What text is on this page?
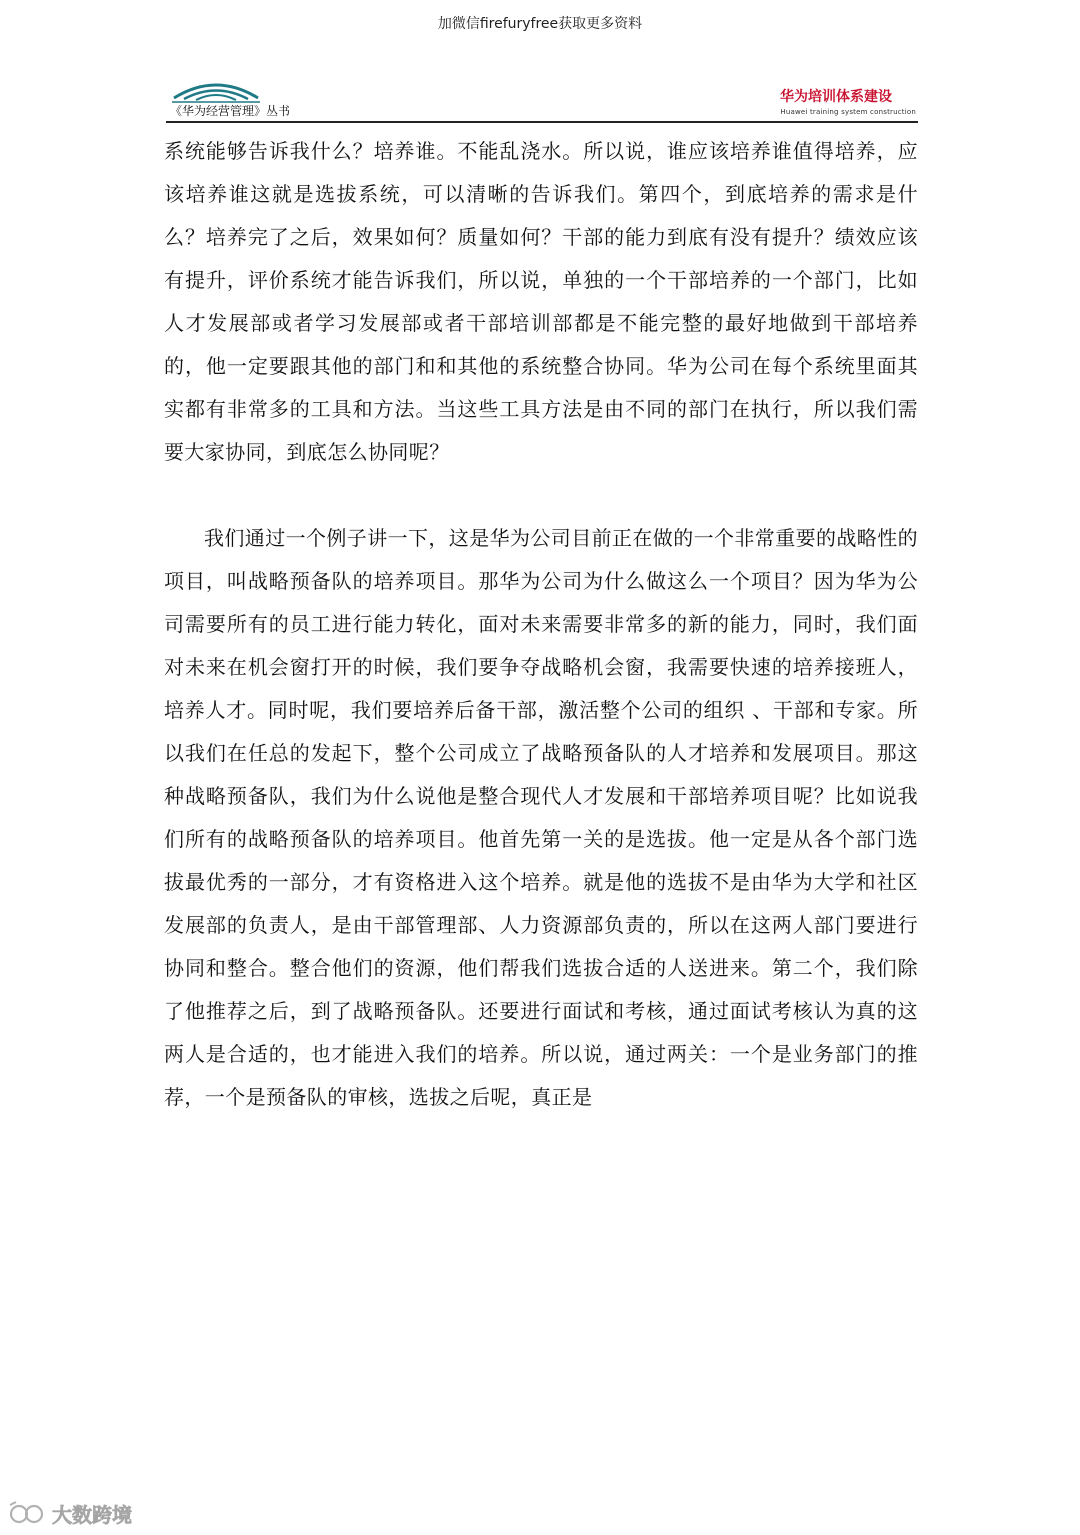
加微信firefuryfree获取更多资料
《华为经营管理》丛书
华为培训体系建设
Huawei training system construction

系统能够告诉我什么？培养谁。不能乱浇水。所以说，谁应该培养谁值得培养，应该培养谁这就是选拔系统，可以清晰的告诉我们。第四个，到底培养的需求是什么？培养完了之后，效果如何？质量如何？干部的能力到底有没有提升？绩效应该有提升，评价系统才能告诉我们，所以说，单独的一个干部培养的一个部门，比如人才发展部或者学习发展部或者干部培训部都是不能完整的最好地做到干部培养的，他一定要跟其他的部门和和其他的系统整合协同。华为公司在每个系统里面其实都有非常多的工具和方法。当这些工具方法是由不同的部门在执行，所以我们需要大家协同，到底怎么协同呢？

我们通过一个例子讲一下，这是华为公司目前正在做的一个非常重要的战略性的项目，叫战略预备队的培养项目。那华为公司为什么做这么一个项目？因为华为公司需要所有的员工进行能力转化，面对未来需要非常多的新的能力，同时，我们面对未来在机会窗打开的时候，我们要争夺战略机会窗，我需要快速的培养接班人，培养人才。同时呢，我们要培养后备干部，激活整个公司的组织 、干部和专家。所以我们在任总的发起下，整个公司成立了战略预备队的人才培养和发展项目。那这种战略预备队，我们为什么说他是整合现代人才发展和干部培养项目呢？比如说我们所有的战略预备队的培养项目。他首先第一关的是选拔。他一定是从各个部门选拔最优秀的一部分，才有资格进入这个培养。就是他的选拔不是由华为大学和社区发展部的负责人，是由干部管理部、人力资源部负责的，所以在这两人部门要进行协同和整合。整合他们的资源，他们帮我们选拔合适的人送进来。第二个，我们除了他推荐之后，到了战略预备队。还要进行面试和考核，通过面试考核认为真的这两人是合适的，也才能进入我们的培养。所以说，通过两关：一个是业务部门的推荐，一个是预备队的审核，选拔之后呢，真正是

大数跨境
